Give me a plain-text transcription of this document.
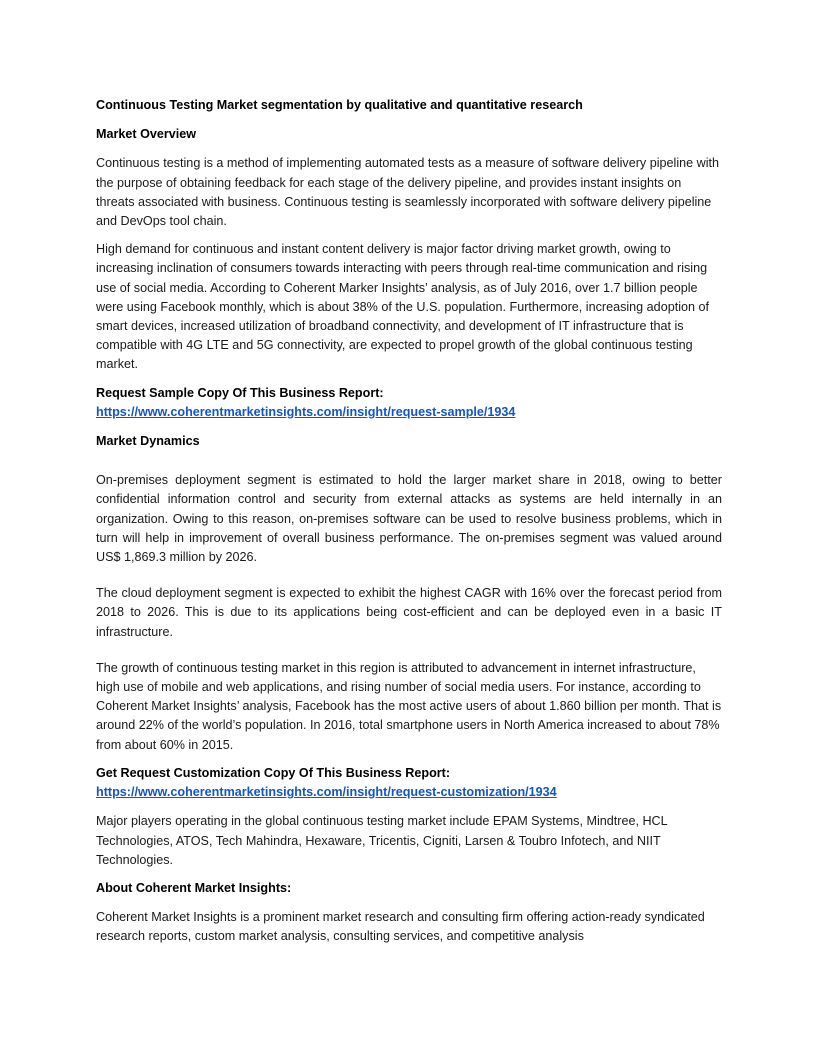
Continuous Testing Market segmentation by qualitative and quantitative research

Market Overview

Continuous testing is a method of implementing automated tests as a measure of software delivery pipeline with the purpose of obtaining feedback for each stage of the delivery pipeline, and provides instant insights on threats associated with business. Continuous testing is seamlessly incorporated with software delivery pipeline and DevOps tool chain.

High demand for continuous and instant content delivery is major factor driving market growth, owing to increasing inclination of consumers towards interacting with peers through real-time communication and rising use of social media. According to Coherent Marker Insights’ analysis, as of July 2016, over 1.7 billion people were using Facebook monthly, which is about 38% of the U.S. population. Furthermore, increasing adoption of smart devices, increased utilization of broadband connectivity, and development of IT infrastructure that is compatible with 4G LTE and 5G connectivity, are expected to propel growth of the global continuous testing market.

Request Sample Copy Of This Business Report:

https://www.coherentmarketinsights.com/insight/request-sample/1934

Market Dynamics

On-premises deployment segment is estimated to hold the larger market share in 2018, owing to better confidential information control and security from external attacks as systems are held internally in an organization. Owing to this reason, on-premises software can be used to resolve business problems, which in turn will help in improvement of overall business performance. The on-premises segment was valued around US$ 1,869.3 million by 2026.

The cloud deployment segment is expected to exhibit the highest CAGR with 16% over the forecast period from 2018 to 2026. This is due to its applications being cost-efficient and can be deployed even in a basic IT infrastructure.

The growth of continuous testing market in this region is attributed to advancement in internet infrastructure, high use of mobile and web applications, and rising number of social media users. For instance, according to Coherent Market Insights’ analysis, Facebook has the most active users of about 1.860 billion per month. That is around 22% of the world’s population. In 2016, total smartphone users in North America increased to about 78% from about 60% in 2015.

Get Request Customization Copy Of This Business Report:

https://www.coherentmarketinsights.com/insight/request-customization/1934

Major players operating in the global continuous testing market include EPAM Systems, Mindtree, HCL Technologies, ATOS, Tech Mahindra, Hexaware, Tricentis, Cigniti, Larsen & Toubro Infotech, and NIIT Technologies.

About Coherent Market Insights:

Coherent Market Insights is a prominent market research and consulting firm offering action-ready syndicated research reports, custom market analysis, consulting services, and competitive analysis
